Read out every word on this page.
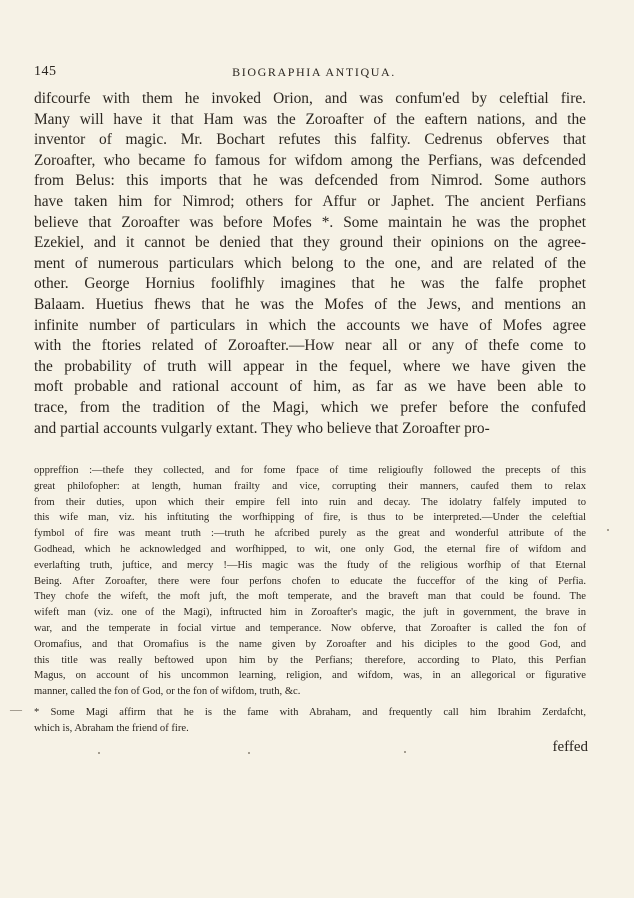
145	BIOGRAPHIA ANTIQUA.
difcourfe with them he invoked Orion, and was confum'ed by celeftial fire.
Many will have it that Ham was the Zoroafter of the eaftern nations, and the
inventor of magic. Mr. Bochart refutes this falfity. Cedrenus obferves that
Zoroafter, who became fo famous for wifdom among the Perfians, was defcended
from Belus: this imports that he was defcended from Nimrod. Some authors
have taken him for Nimrod; others for Affur or Japhet. The ancient Perfians
believe that Zoroafter was before Mofes *. Some maintain he was the prophet
Ezekiel, and it cannot be denied that they ground their opinions on the agree-
ment of numerous particulars which belong to the one, and are related of the
other. George Hornius foolifhly imagines that he was the falfe prophet
Balaam. Huetius fhews that he was the Mofes of the Jews, and mentions an
infinite number of particulars in which the accounts we have of Mofes agree
with the ftories related of Zoroafter.—How near all or any of thefe come to
the probability of truth will appear in the fequel, where we have given the
moft probable and rational account of him, as far as we have been able to
trace, from the tradition of the Magi, which we prefer before the confufed
and partial accounts vulgarly extant. They who believe that Zoroafter pro-
oppreffion :—thefe they collected, and for fome fpace of time religioufly followed the precepts of this
great philofopher: at length, human frailty and vice, corrupting their manners, caufed them to relax
from their duties, upon which their empire fell into ruin and decay. The idolatry falfely imputed to
this wife man, viz. his inftituting the worfhipping of fire, is thus to be interpreted.—Under the celeftial
fymbol of fire was meant truth :—truth he afcribed purely as the great and wonderful attribute of the
Godhead, which he acknowledged and worfhipped, to wit, one only God, the eternal fire of wifdom and
everlafting truth, juftice, and mercy !—His magic was the ftudy of the religious worfhip of that Eternal
Being. After Zoroafter, there were four perfons chofen to educate the fucceffor of the king of Perfia.
They chofe the wifeft, the moft juft, the moft temperate, and the braveft man that could be found. The
wifeft man (viz. one of the Magi), inftructed him in Zoroafter's magic, the juft in government, the brave in
war, and the temperate in focial virtue and temperance. Now obferve, that Zoroafter is called the fon of
Oromafius, and that Oromafius is the name given by Zoroafter and his diciples to the good God, and
this title was really beftowed upon him by the Perfians; therefore, according to Plato, this Perfian
Magus, on account of his uncommon learning, religion, and wifdom, was, in an allegorical or figurative
manner, called the fon of God, or the fon of wifdom, truth, &c.
* Some Magi affirm that he is the fame with Abraham, and frequently call him Ibrahim Zerdafcht,
which is, Abraham the friend of fire.
—
feffed
